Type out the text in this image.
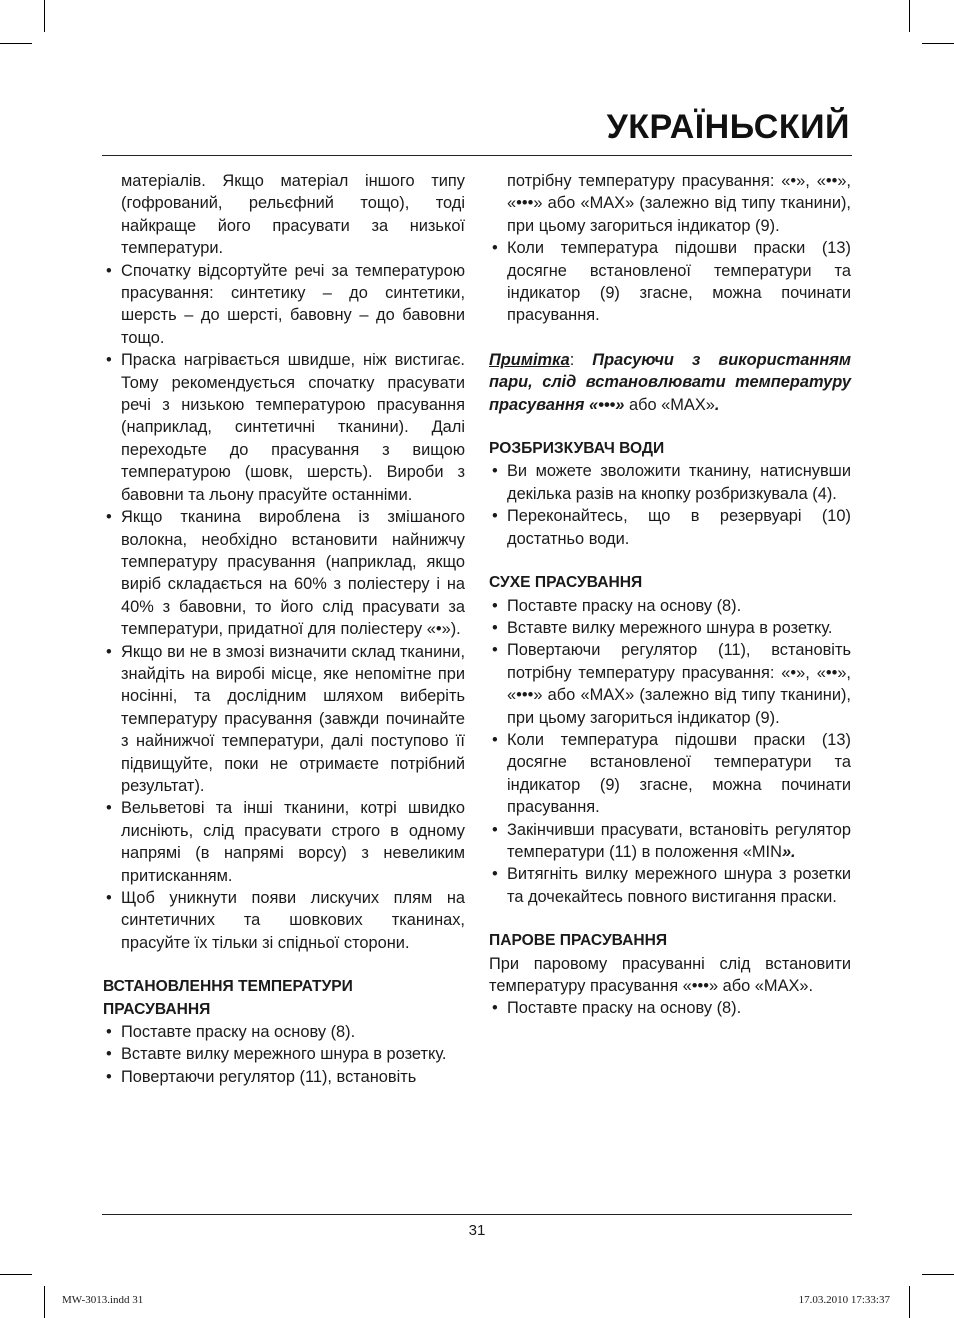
УКРАЇНЬСКИЙ

матеріалів. Якщо матеріал іншого типу (гофрований, рельєфний тощо), тоді найкраще його прасувати за низької температури.

• Спочатку відсортуйте речі за температурою прасування: синтетику – до синтетики, шерсть – до шерсті, бавовну – до бавовни тощо.

• Праска нагрівається швидше, ніж вистигає. Тому рекомендується спочатку прасувати речі з низькою температурою прасування (наприклад, синтетичні тканини). Далі переходьте до прасування з вищою температурою (шовк, шерсть). Вироби з бавовни та льону прасуйте останніми.

• Якщо тканина вироблена із змішаного волокна, необхідно встановити найнижчу температуру прасування (наприклад, якщо виріб складається на 60% з поліестеру і на 40% з бавовни, то його слід прасувати за температури, придатної для поліестеру «•»).

• Якщо ви не в змозі визначити склад тканини, знайдіть на виробі місце, яке непомітне при носінні, та дослідним шляхом виберіть температуру прасування (завжди починайте з найнижчої температури, далі поступово її підвищуйте, поки не отримаєте потрібний результат).

• Вельветові та інші тканини, котрі швидко лисніють, слід прасувати строго в одному напрямі (в напрямі ворсу) з невеликим притисканням.

• Щоб уникнути появи лискучих плям на синтетичних та шовкових тканинах, прасуйте їх тільки зі спідньої сторони.

ВСТАНОВЛЕННЯ ТЕМПЕРАТУРИ
ПРАСУВАННЯ

• Поставте праску на основу (8).

• Вставте вилку мережного шнура в розетку.

• Повертаючи регулятор (11), встановіть

потрібну температуру прасування: «•», «••», «•••» або «MAX» (залежно від типу тканини), при цьому загориться індикатор (9).

• Коли температура підошви праски (13) досягне встановленої температури та індикатор (9) згасне, можна починати прасування.

Примітка: Прасуючи з використанням пари, слід встановлювати температуру прасування «•••» або «MAX».

РОЗБРИЗКУВАЧ ВОДИ

• Ви можете зволожити тканину, натиснувши декілька разів на кнопку розбризкувала (4).

• Переконайтесь, що в резервуарі (10) достатньо води.

СУХЕ ПРАСУВАННЯ

• Поставте праску на основу (8).

• Вставте вилку мережного шнура в розетку.

• Повертаючи регулятор (11), встановіть потрібну температуру прасування: «•», «••», «•••» або «MAX» (залежно від типу тканини), при цьому загориться індикатор (9).

• Коли температура підошви праски (13) досягне встановленої температури та індикатор (9) згасне, можна починати прасування.

• Закінчивши прасувати, встановіть регулятор температури (11) в положення «MIN».

• Витягніть вилку мережного шнура з розетки та дочекайтесь повного вистигання праски.

ПАРОВЕ ПРАСУВАННЯ

При паровому прасуванні слід встановити температуру прасування «•••» або «MAX».

• Поставте праску на основу (8).

31
MW-3013.indd 31	17.03.2010 17:33:37
